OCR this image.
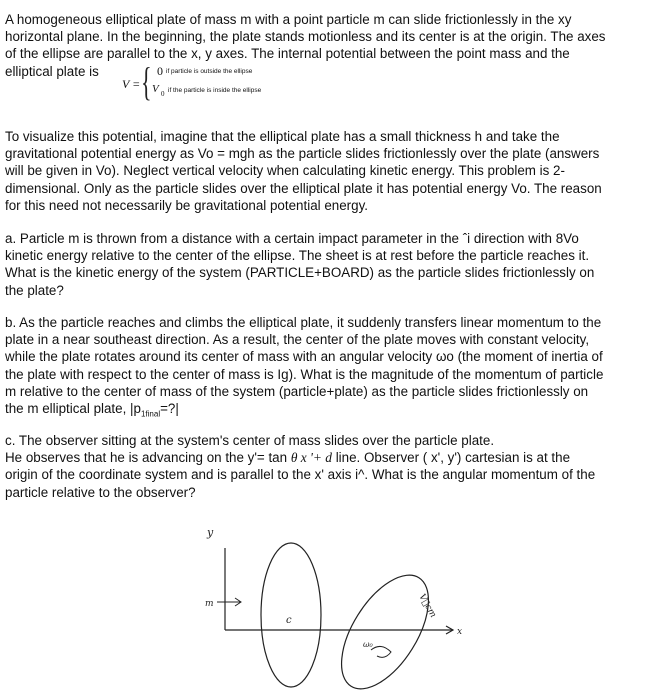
A homogeneous elliptical plate of mass m with a point particle m can slide frictionlessly in the xy
horizontal plane. In the beginning, the plate stands motionless and its center is at the origin. The axes
of the ellipse are parallel to the x, y axes. The internal potential between the point mass and the
elliptical plate is
V = { 0 if particle is outside the ellipse
V 0 if the particle is inside the ellipse
To visualize this potential, imagine that the elliptical plate has a small thickness h and take the
gravitational potential energy as Vo = mgh as the particle slides frictionlessly over the plate (answers
will be given in Vo). Neglect vertical velocity when calculating kinetic energy. This problem is 2-
dimensional. Only as the particle slides over the elliptical plate it has potential energy Vo. The reason
for this need not necessarily be gravitational potential energy.
a. Particle m is thrown from a distance with a certain impact parameter in the ˆi direction with 8Vo
kinetic energy relative to the center of the ellipse. The sheet is at rest before the particle reaches it.
What is the kinetic energy of the system (PARTICLE+BOARD) as the particle slides frictionlessly on
the plate?
b. As the particle reaches and climbs the elliptical plate, it suddenly transfers linear momentum to the
plate in a near southeast direction. As a result, the center of the plate moves with constant velocity,
while the plate rotates around its center of mass with an angular velocity ωo (the moment of inertia of
the plate with respect to the center of mass is Ig). What is the magnitude of the momentum of particle
m relative to the center of mass of the system (particle+plate) as the particle slides frictionlessly on
the m elliptical plate, $|p_{1final}=?|$
c. The observer sitting at the system's center of mass slides over the particle plate.
He observes that he is advancing on the y'= tan θ x '+ d line. Observer ( x', y') cartesian is at the
origin of the coordinate system and is parallel to the x' axis i^. What is the angular momentum of the
particle relative to the observer?
y
x
m
c
V⃗cm
ω₀
